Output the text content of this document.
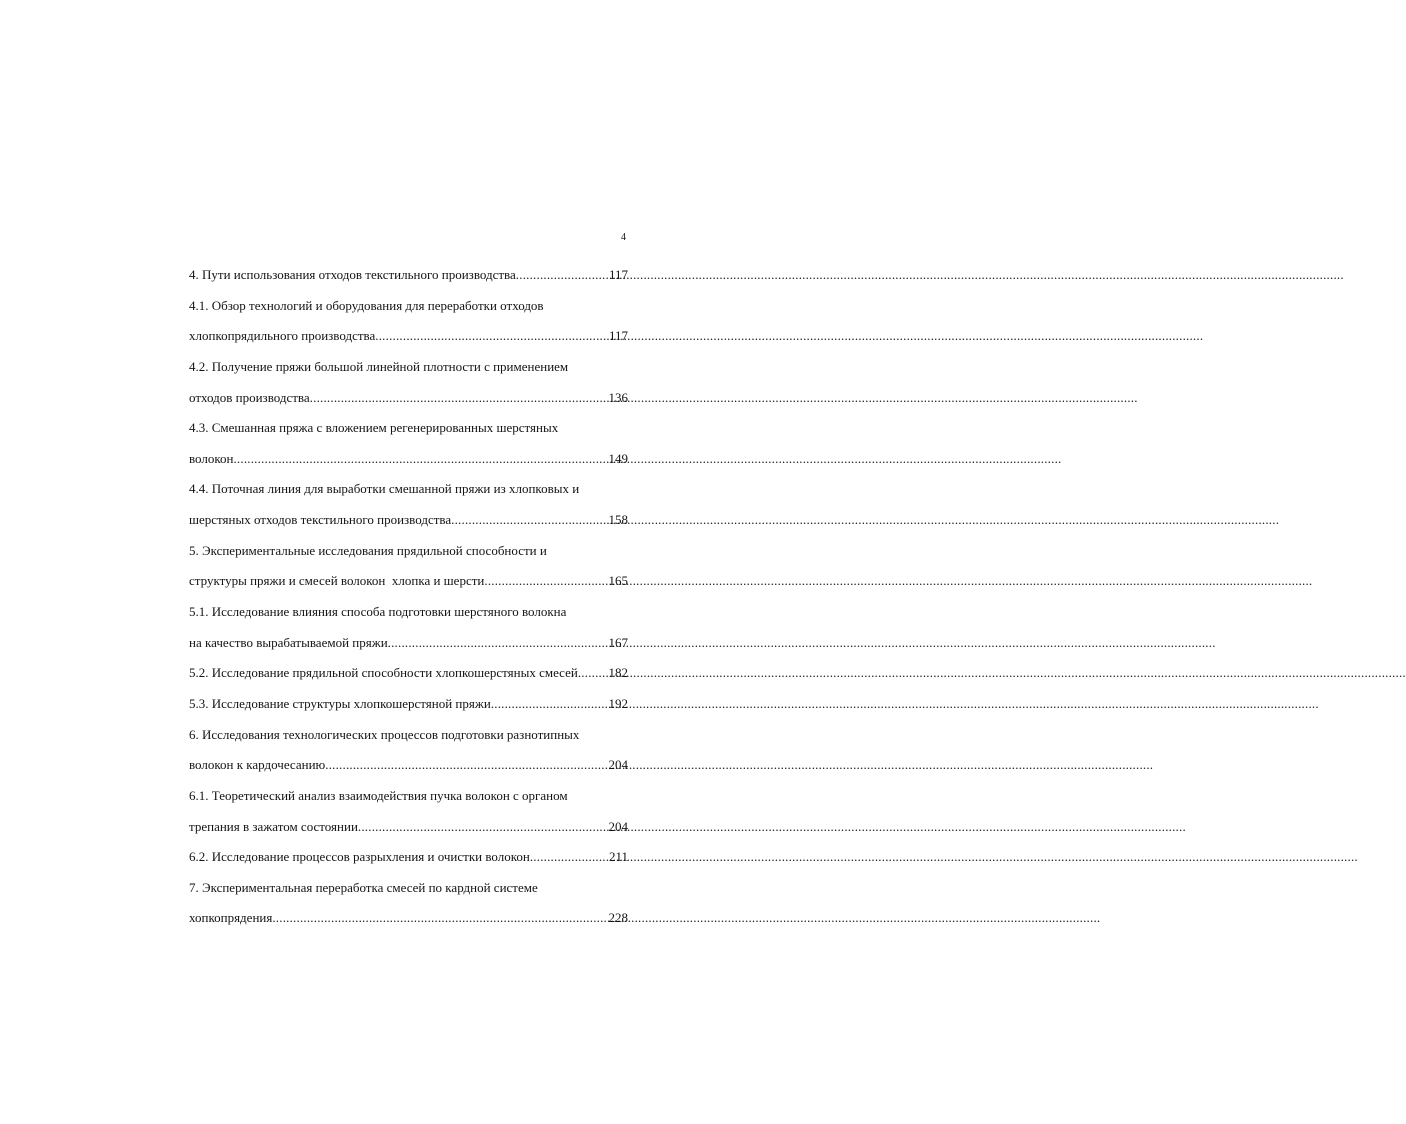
4
4. Пути использования отходов текстильного производства .....	117
4.1. Обзор технологий и оборудования для переработки отходов
хлопкопрядильного производства .....	117
4.2. Получение пряжи большой линейной плотности с применением
отходов производства .....	136
4.3. Смешанная пряжа с вложением регенерированных шерстяных
волокон .....	149
4.4. Поточная линия для выработки смешанной пряжи из хлопковых и
шерстяных отходов текстильного производства .....	158
5. Экспериментальные исследования прядильной способности и
структуры пряжи и смесей волокон  хлопка и шерсти .....	165
5.1. Исследование влияния способа подготовки шерстяного волокна
на качество вырабатываемой пряжи .....	167
5.2. Исследование прядильной способности хлопкошерстяных смесей ..... 182
5.3. Исследование структуры хлопкошерстяной пряжи .....	192
6. Исследования технологических процессов подготовки разнотипных
волокон к кардочесанию .....	204
6.1. Теоретический анализ взаимодействия пучка волокон с органом
трепания в зажатом состоянии .....	204
6.2. Исследование процессов разрыхления и очистки волокон .....	211
7. Экспериментальная переработка смесей по кардной системе
хопкопрядения .....	228
